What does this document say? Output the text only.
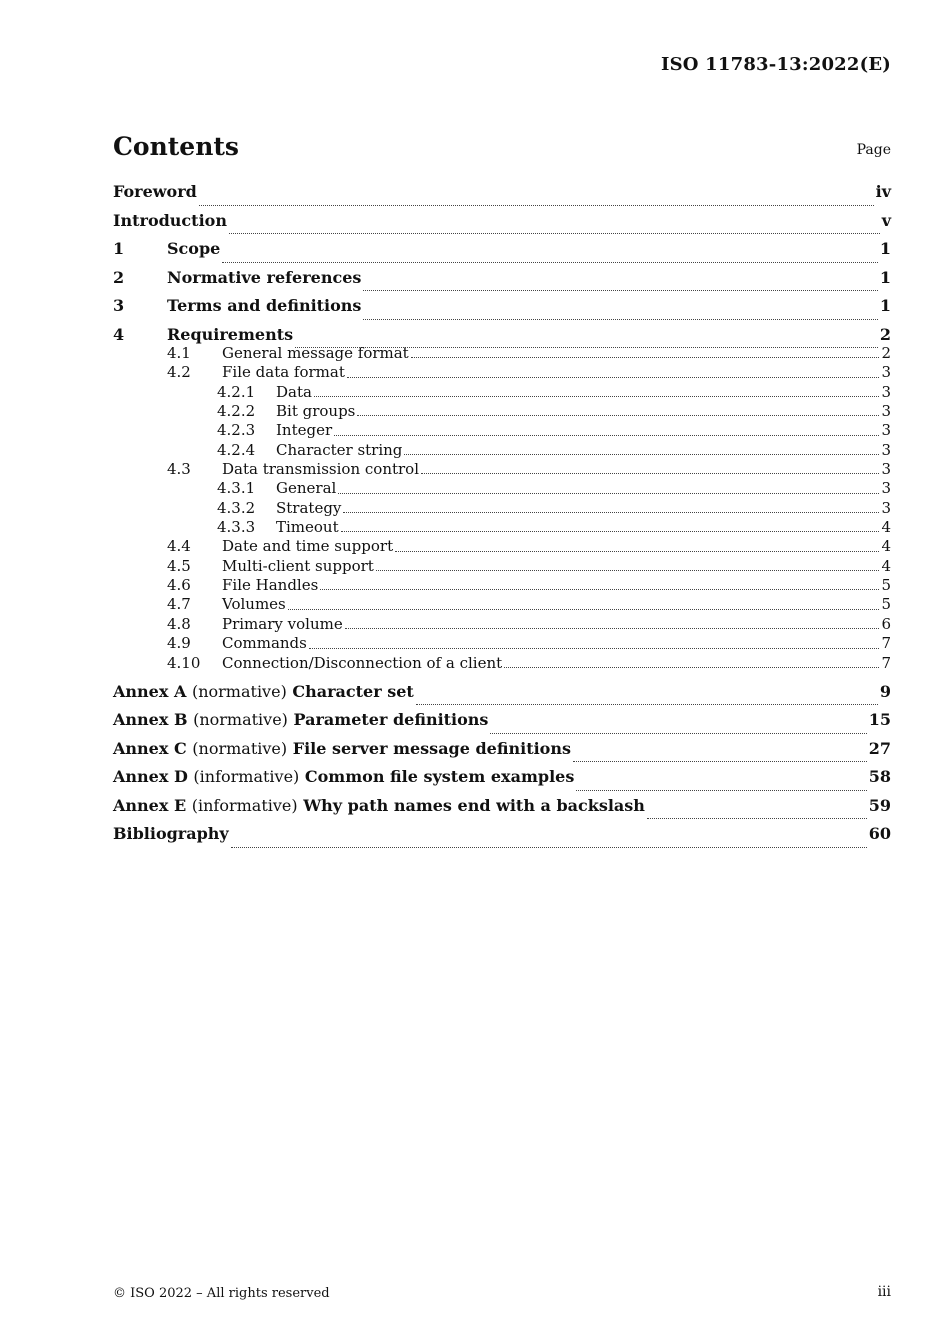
ISO 11783-13:2022(E)
Contents	Page
Foreword	iv
Introduction	v
1	Scope	1
2	Normative references	1
3	Terms and definitions	1
4	Requirements	2
4.1	General message format	2
4.2	File data format	3
4.2.1	Data	3
4.2.2	Bit groups	3
4.2.3	Integer	3
4.2.4	Character string	3
4.3	Data transmission control	3
4.3.1	General	3
4.3.2	Strategy	3
4.3.3	Timeout	4
4.4	Date and time support	4
4.5	Multi-client support	4
4.6	File Handles	5
4.7	Volumes	5
4.8	Primary volume	6
4.9	Commands	7
4.10	Connection/Disconnection of a client	7
Annex A (normative) Character set	9
Annex B (normative) Parameter definitions	15
Annex C (normative) File server message definitions	27
Annex D (informative) Common file system examples	58
Annex E (informative) Why path names end with a backslash	59
Bibliography	60
© ISO 2022 – All rights reserved	iii
